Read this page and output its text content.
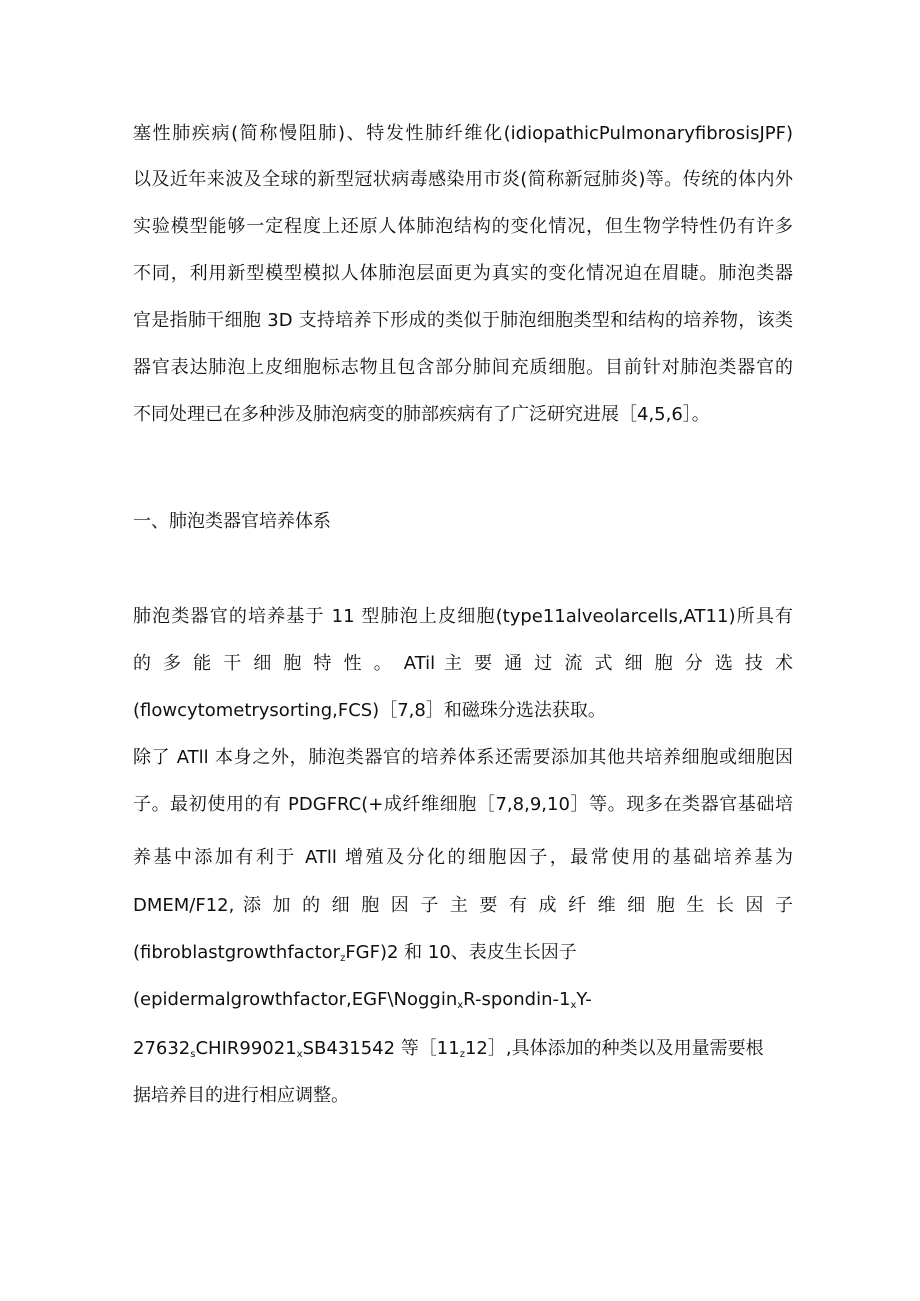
塞性肺疾病(简称慢阻肺)、特发性肺纤维化(idiopathicPulmonaryfibrosisJPF)
以及近年来波及全球的新型冠状病毒感染用市炎(简称新冠肺炎)等。传统的体内外
实验模型能够一定程度上还原人体肺泡结构的变化情况，但生物学特性仍有许多
不同，利用新型模型模拟人体肺泡层面更为真实的变化情况迫在眉睫。肺泡类器
官是指肺干细胞 3D 支持培养下形成的类似于肺泡细胞类型和结构的培养物，该类
器官表达肺泡上皮细胞标志物且包含部分肺间充质细胞。目前针对肺泡类器官的
不同处理已在多种涉及肺泡病变的肺部疾病有了广泛研究进展［4,5,6］。
一、肺泡类器官培养体系
肺泡类器官的培养基于 11 型肺泡上皮细胞(type11alveolarcells,AT11)所具有
的 多 能 干 细 胞 特 性 。 ATil 主 要 通 过 流 式 细 胞 分 选 技 术
(flowcytometrysorting,FCS)［7,8］和磁珠分选法获取。
除了 ATll 本身之外，肺泡类器官的培养体系还需要添加其他共培养细胞或细胞因
子。最初使用的有 PDGFRC(+成纤维细胞［7,8,9,10］等。现多在类器官基础培
养基中添加有利于 ATll 增殖及分化的细胞因子，最常使用的基础培养基为
DMEM/F12, 添 加 的 细 胞 因 子 主 要 有 成 纤 维 细 胞 生 长 因 子
(fibroblastgrowthfactor$_z$FGF)2 和 10、表皮生长因子
($epidermalgrowthfactor,EGF\backslash Noggin_xR-spondin-1_xY-$
$27632_sCHIR99021_xSB431542$ 等$[11_z12]$,具体添加的种类以及用量需要根
据培养目的进行相应调整。
